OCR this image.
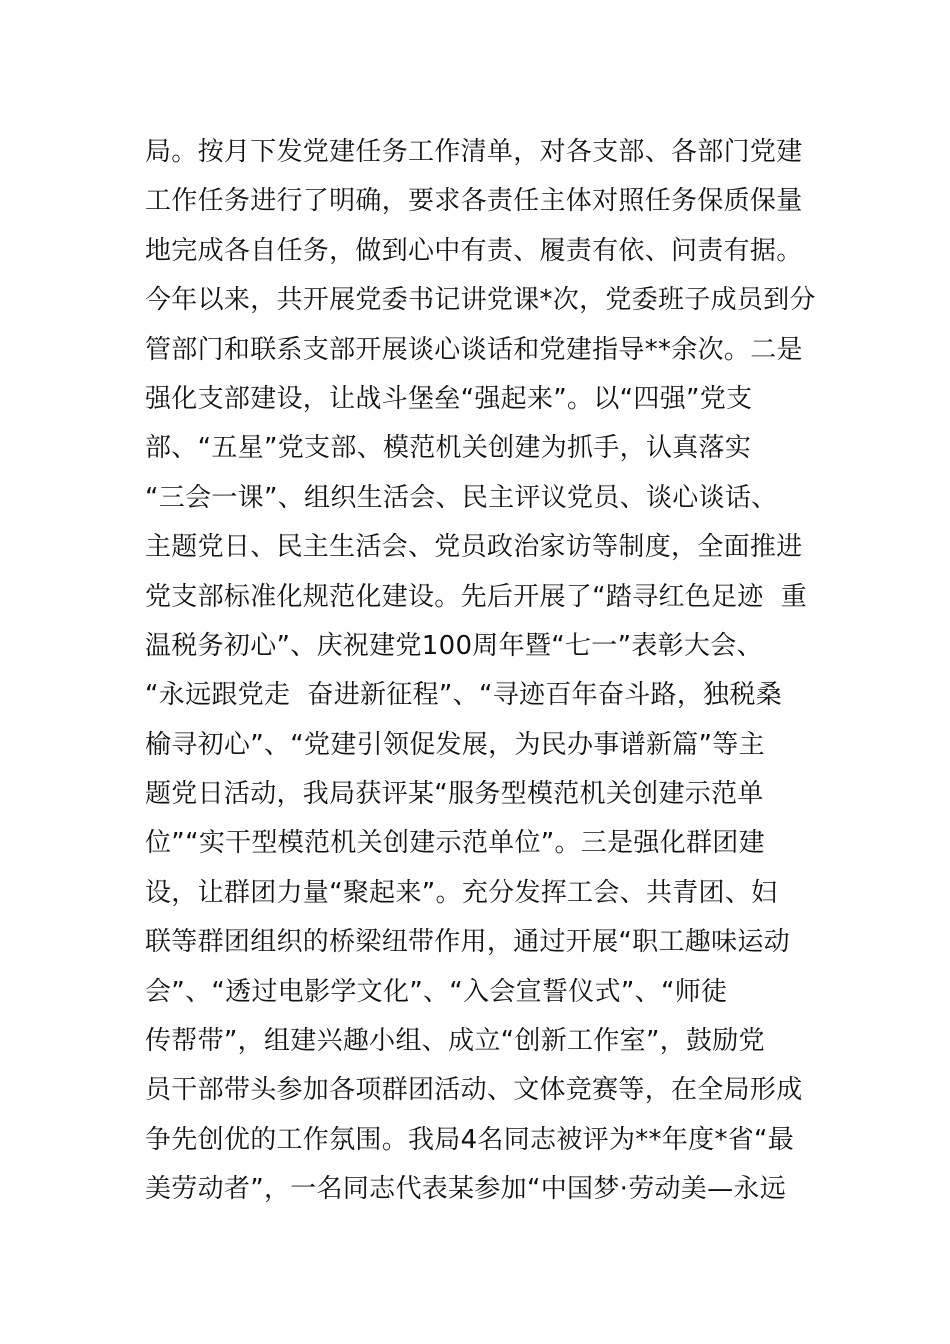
局。按月下发党建任务工作清单，对各支部、各部门党建
工作任务进行了明确，要求各责任主体对照任务保质保量
地完成各自任务，做到心中有责、履责有依、问责有据。
今年以来，共开展党委书记讲党课*次，党委班子成员到分
管部门和联系支部开展谈心谈话和党建指导**余次。二是
强化支部建设，让战斗堡垒“强起来”。以“四强”党支
部、“五星”党支部、模范机关创建为抓手，认真落实
“三会一课”、组织生活会、民主评议党员、谈心谈话、
主题党日、民主生活会、党员政治家访等制度，全面推进
党支部标准化规范化建设。先后开展了“踏寻红色足迹  重
温税务初心”、庆祝建党100周年暨“七一”表彰大会、
“永远跟党走  奋进新征程”、“寻迹百年奋斗路，独税桑
榆寻初心”、“党建引领促发展，为民办事谱新篇”等主
题党日活动，我局获评某“服务型模范机关创建示范单
位”“实干型模范机关创建示范单位”。三是强化群团建
设，让群团力量“聚起来”。充分发挥工会、共青团、妇
联等群团组织的桥梁纽带作用，通过开展“职工趣味运动
会”、“透过电影学文化”、“入会宣誓仪式”、“师徒
传帮带”，组建兴趣小组、成立“创新工作室”，鼓励党
员干部带头参加各项群团活动、文体竞赛等，在全局形成
争先创优的工作氛围。我局4名同志被评为**年度*省“最
美劳动者”，一名同志代表某参加“中国梦·劳动美—永远
